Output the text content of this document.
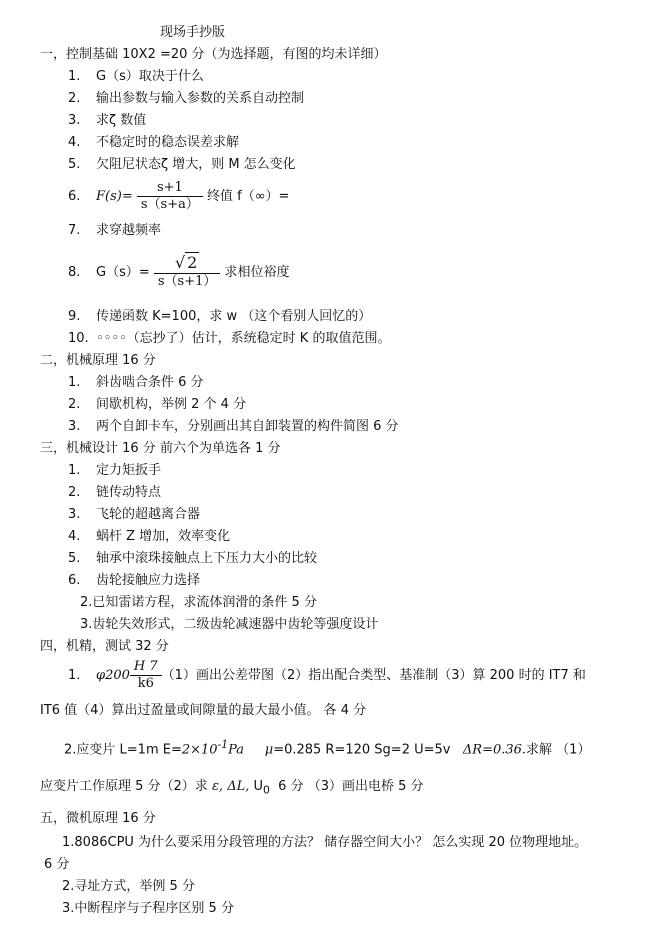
现场手抄版
一，控制基础 10X2 =20 分（为选择题，有图的均未详细）
1. G（s）取决于什么
2. 输出参数与输入参数的关系自动控制
3. 求ζ 数值
4. 不稳定时的稳态误差求解
5. 欠阻尼状态ζ 增大，则 M 怎么变化
6. $F(s)= \frac{s+1}{s(s+a)}$ 终值 f（∞）=
7. 求穿越频率
8. $G(s)= \frac{√ 2}{s(s+1)}$ 求相位裕度
9. 传递函数 K=100，求 w （这个看别人回忆的）
10. ◦◦◦◦（忘抄了）估计，系统稳定时 K 的取值范围。
二，机械原理 16 分
1. 斜齿啮合条件 6 分
2. 间歇机构，举例 2 个 4 分
3. 两个自卸卡车，分别画出其自卸装置的构件简图 6 分
三，机械设计 16 分 前六个为单选各 1 分
1. 定力矩扳手
2. 链传动特点
3. 飞轮的超越离合器
4. 蜗杆 Z 增加，效率变化
5. 轴承中滚珠接触点上下压力大小的比较
6. 齿轮接触应力选择
2.已知雷诺方程，求流体润滑的条件 5 分
3.齿轮失效形式，二级齿轮减速器中齿轮等强度设计
四，机精，测试 32 分
1. $\varphi 200 \frac{H 7}{k6} (1)$画出公差带图（2）指出配合类型、基准制（3）算 200 时的 IT7 和
IT6 值（4）算出过盈量或间隙量的最大最小值。 各 4 分
2.应变片 L=1m $E=2\times 10^{-1}Pa$ μ=0.285 R=120 Sg=2 U=5v ΔR=0.36.求解 （1）
应变片工作原理 5 分（2）求 ε, ΔL, $U_0$ 6 分 （3）画出电桥 5 分
五，微机原理 16 分
1.8086CPU 为什么要采用分段管理的方法？ 储存器空间大小？ 怎么实现 20 位物理地址。
6 分
2.寻址方式，举例 5 分
3.中断程序与子程序区别 5 分
